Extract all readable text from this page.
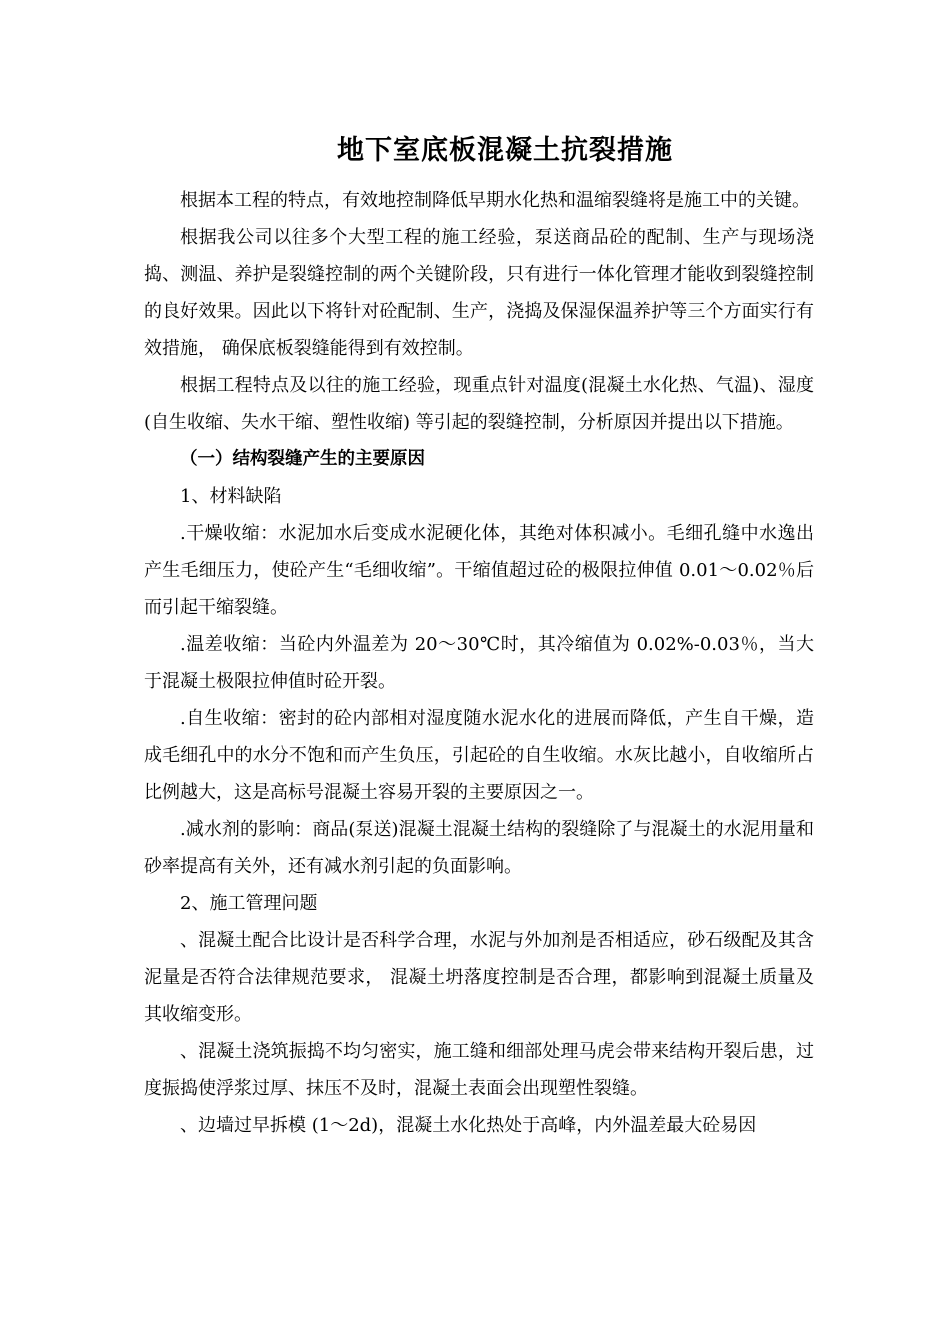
地下室底板混凝土抗裂措施

根据本工程的特点，有效地控制降低早期水化热和温缩裂缝将是施工中的关键。

根据我公司以往多个大型工程的施工经验，泵送商品砼的配制、生产与现场浇捣、测温、养护是裂缝控制的两个关键阶段，只有进行一体化管理才能收到裂缝控制的良好效果。因此以下将针对砼配制、生产，浇捣及保湿保温养护等三个方面实行有效措施， 确保底板裂缝能得到有效控制。

根据工程特点及以往的施工经验，现重点针对温度(混凝土水化热、气温)、湿度(自生收缩、失水干缩、塑性收缩) 等引起的裂缝控制，分析原因并提出以下措施。

（一）结构裂缝产生的主要原因

1、材料缺陷

.干燥收缩：水泥加水后变成水泥硬化体，其绝对体积减小。毛细孔缝中水逸出产生毛细压力，使砼产生“毛细收缩”。干缩值超过砼的极限拉伸值 0.01～0.02％后而引起干缩裂缝。

.温差收缩：当砼内外温差为 20～30℃时，其冷缩值为 0.02%-0.03％，当大于混凝土极限拉伸值时砼开裂。

.自生收缩：密封的砼内部相对湿度随水泥水化的进展而降低，产生自干燥，造成毛细孔中的水分不饱和而产生负压，引起砼的自生收缩。水灰比越小，自收缩所占比例越大，这是高标号混凝土容易开裂的主要原因之一。

.减水剂的影响：商品(泵送)混凝土混凝土结构的裂缝除了与混凝土的水泥用量和砂率提高有关外，还有减水剂引起的负面影响。

2、施工管理问题

、混凝土配合比设计是否科学合理，水泥与外加剂是否相适应，砂石级配及其含泥量是否符合法律规范要求， 混凝土坍落度控制是否合理，都影响到混凝土质量及其收缩变形。

、混凝土浇筑振捣不均匀密实，施工缝和细部处理马虎会带来结构开裂后患，过度振捣使浮浆过厚、抹压不及时，混凝土表面会出现塑性裂缝。

、边墙过早拆模 (1～2d)，混凝土水化热处于高峰，内外温差最大砼易因
